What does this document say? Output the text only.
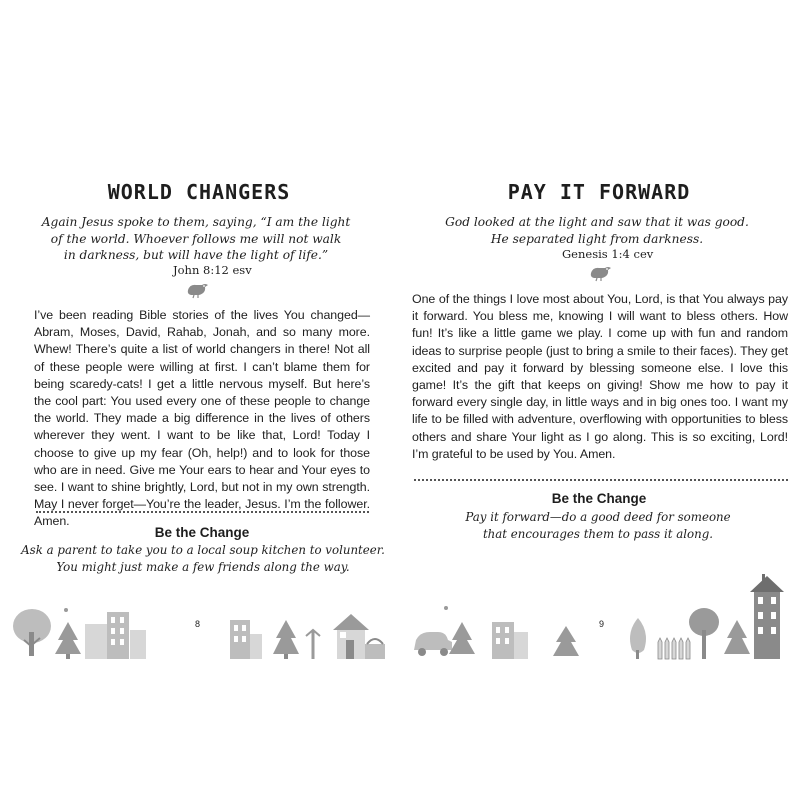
WORLD CHANGERS
Again Jesus spoke to them, saying, “I am the light
of the world. Whoever follows me will not walk
in darkness, but will have the light of life.”
John 8:12 esv
I’ve been reading Bible stories of the lives You changed—Abram, Moses, David, Rahab, Jonah, and so many more. Whew! There’s quite a list of world changers in there! Not all of these people were willing at first. I can’t blame them for being scaredy-cats! I get a little nervous myself. But here’s the cool part: You used every one of these people to change the world. They made a big difference in the lives of others wherever they went. I want to be like that, Lord! Today I choose to give up my fear (Oh, help!) and to look for those who are in need. Give me Your ears to hear and Your eyes to see. I want to shine brightly, Lord, but not in my own strength. May I never forget—You’re the leader, Jesus. I’m the follower. Amen.
Be the Change
Ask a parent to take you to a local soup kitchen to volunteer.
You might just make a few friends along the way.
8
PAY IT FORWARD
God looked at the light and saw that it was good.
He separated light from darkness.
Genesis 1:4 cev
One of the things I love most about You, Lord, is that You always pay it forward. You bless me, knowing I will want to bless others. How fun! It’s like a little game we play. I come up with fun and random ideas to surprise people (just to bring a smile to their faces). They get excited and pay it forward by blessing someone else. I love this game! It’s the gift that keeps on giving! Show me how to pay it forward every single day, in little ways and in big ones too. I want my life to be filled with adventure, overflowing with opportunities to bless others and share Your light as I go along. This is so exciting, Lord! I’m grateful to be used by You. Amen.
Be the Change
Pay it forward—do a good deed for someone
that encourages them to pass it along.
9
